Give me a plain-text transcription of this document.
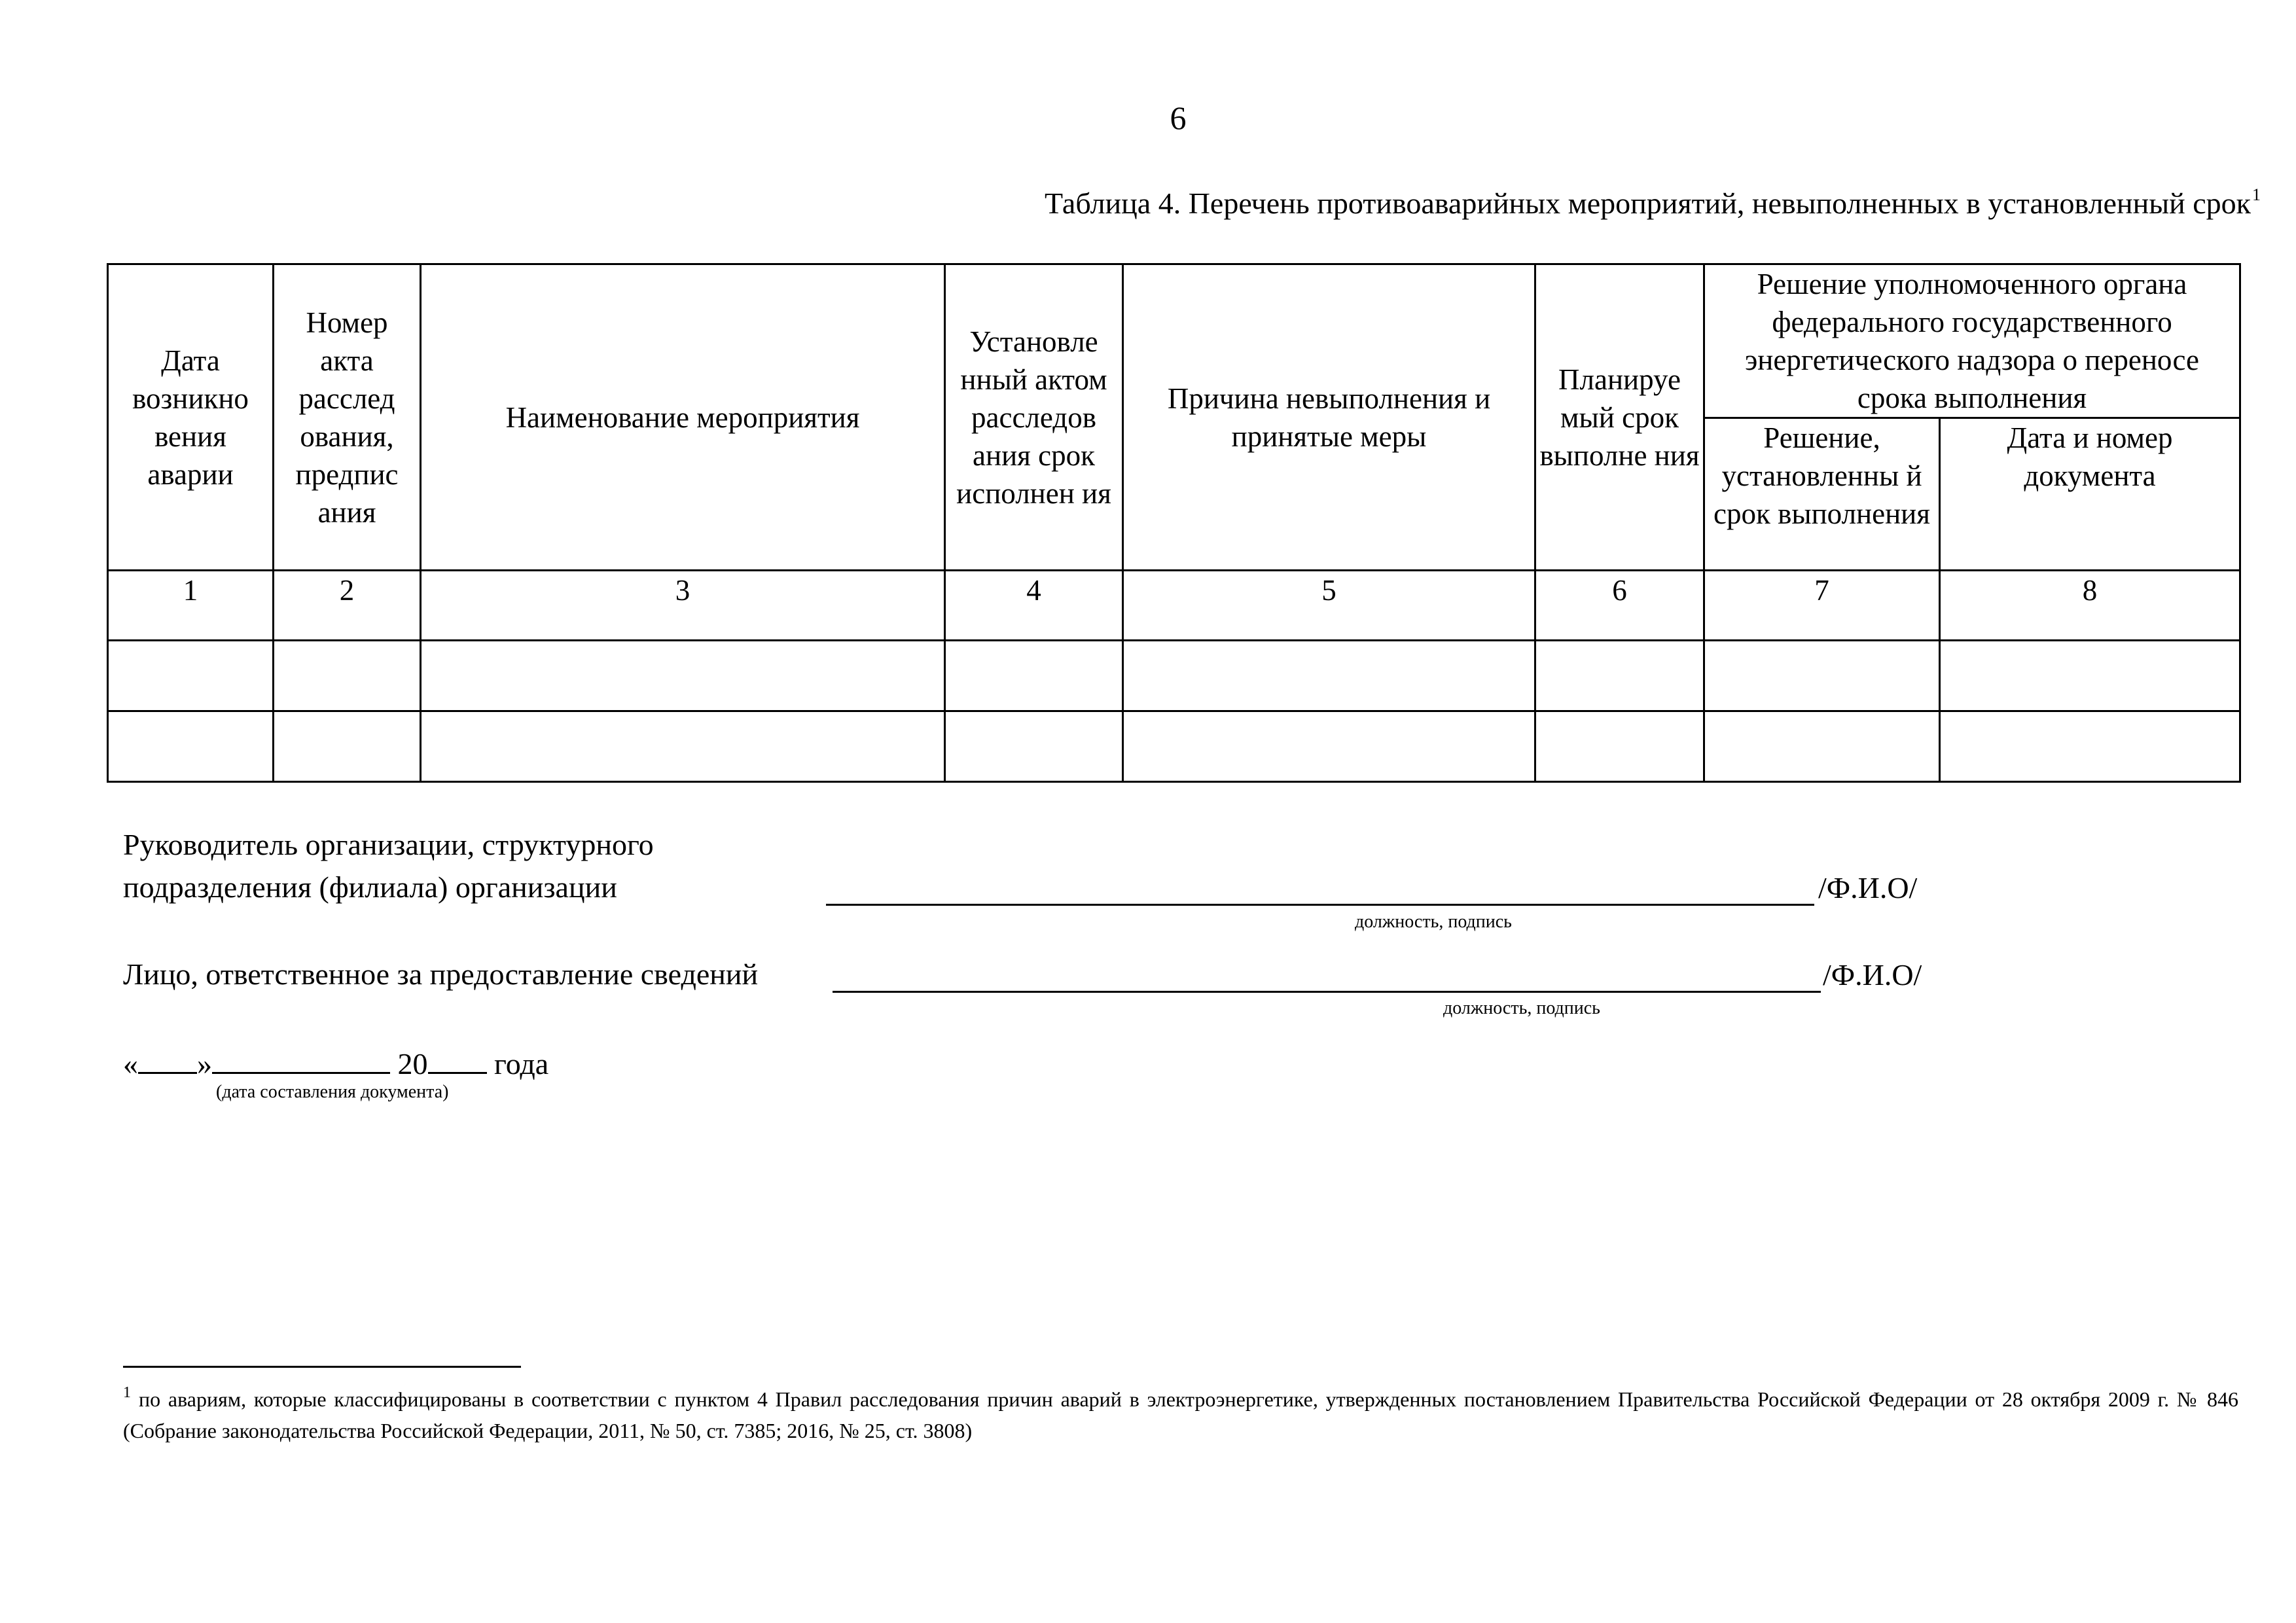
6
Таблица 4. Перечень противоаварийных мероприятий, невыполненных в установленный срок$^1$
Дата возникно вения аварии	Номер акта расслед ования, предпис ания	Наименование мероприятия	Установле нный актом расследов ания срок исполнен ия	Причина невыполнения и принятые меры	Планируе мый срок выполне ния	Решение уполномоченного органа федерального государственного энергетического надзора о переносе срока выполнения	
						Решение, установленны й срок выполнения	Дата и номер документа
1	2	3	4	5	6	7	8

Руководитель организации, структурного
подразделения (филиала) организации	/Ф.И.О/
должность, подпись
Лицо, ответственное за предоставление сведений	/Ф.И.О/
должность, подпись
« »	20 года
(дата составления документа)
$^1$ по авариям, которые классифицированы в соответствии с пунктом 4 Правил расследования причин аварий в электроэнергетике, утвержденных постановлением Правительства Российской Федерации от 28 октября 2009 г. № 846 (Собрание законодательства Российской Федерации, 2011, № 50, ст. 7385; 2016, № 25, ст. 3808)
